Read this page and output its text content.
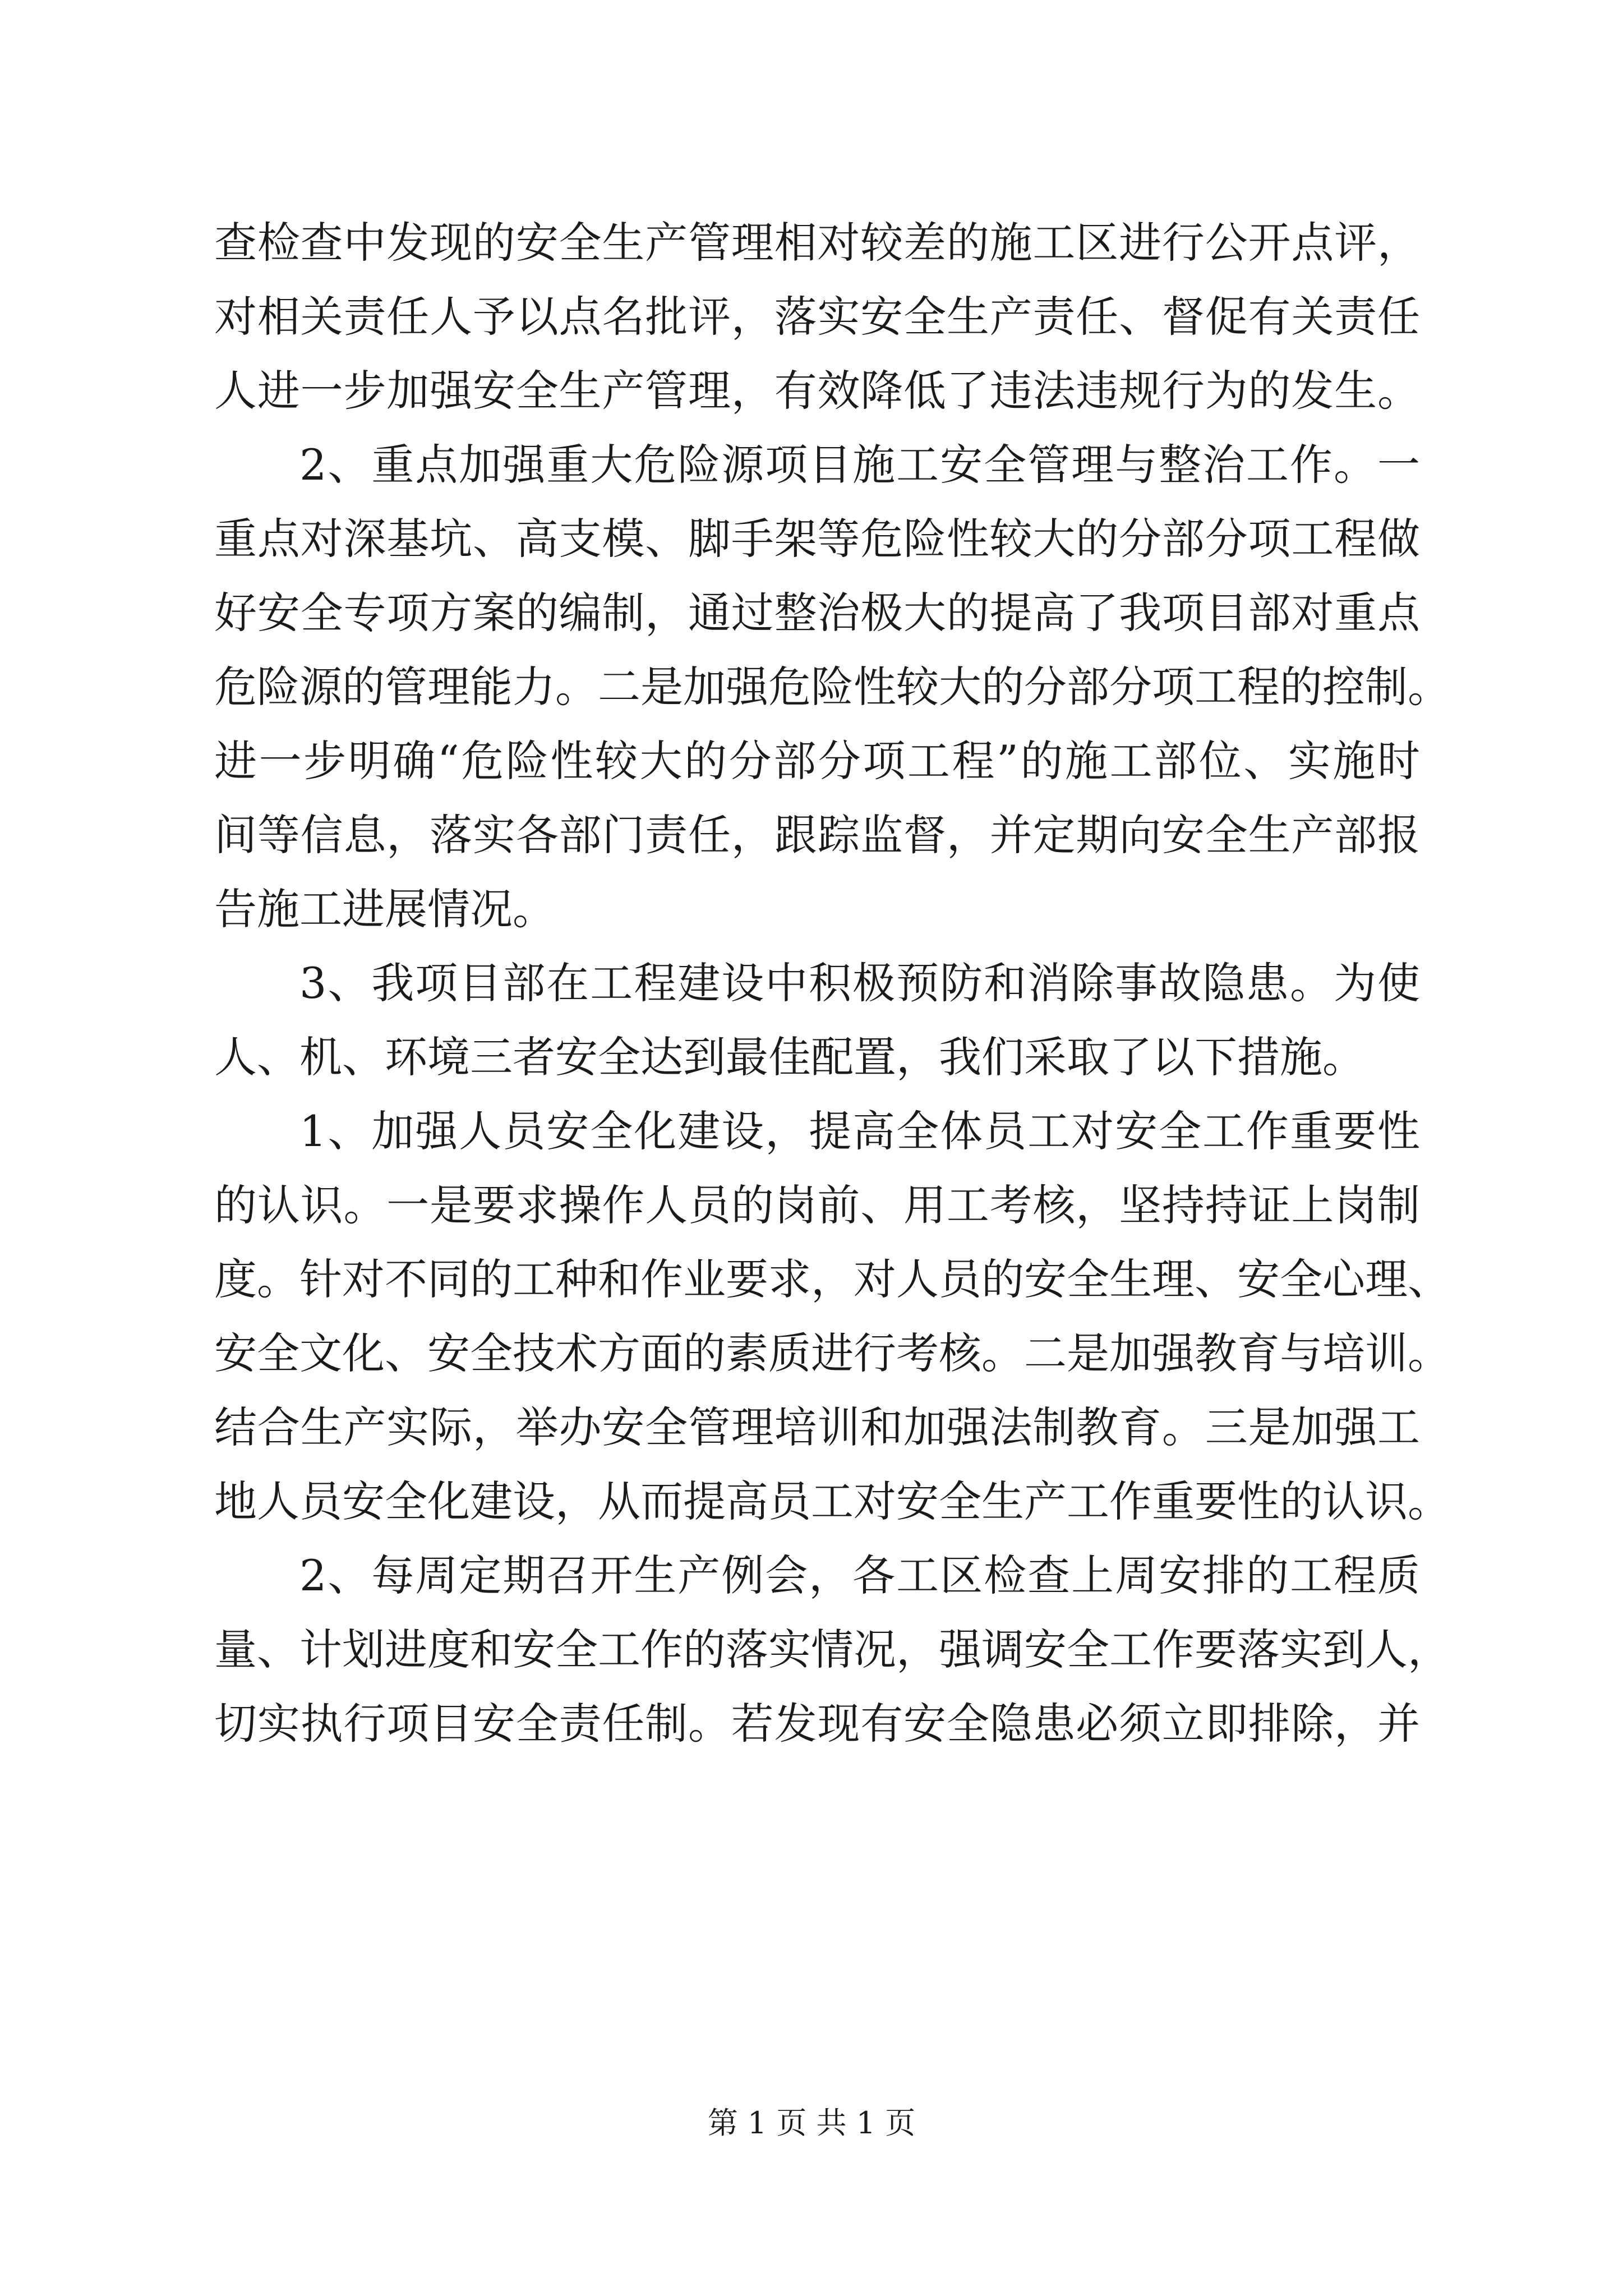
查检查中发现的安全生产管理相对较差的施工区进行公开点评，
对相关责任人予以点名批评，落实安全生产责任、督促有关责任
人进一步加强安全生产管理，有效降低了违法违规行为的发生。
2、重点加强重大危险源项目施工安全管理与整治工作。一
重点对深基坑、高支模、脚手架等危险性较大的分部分项工程做
好安全专项方案的编制，通过整治极大的提高了我项目部对重点
危险源的管理能力。二是加强危险性较大的分部分项工程的控制。
进一步明确“危险性较大的分部分项工程”的施工部位、实施时
间等信息，落实各部门责任，跟踪监督，并定期向安全生产部报
告施工进展情况。
3、我项目部在工程建设中积极预防和消除事故隐患。为使
人、机、环境三者安全达到最佳配置，我们采取了以下措施。
1、加强人员安全化建设，提高全体员工对安全工作重要性
的认识。一是要求操作人员的岗前、用工考核，坚持持证上岗制
度。针对不同的工种和作业要求，对人员的安全生理、安全心理、
安全文化、安全技术方面的素质进行考核。二是加强教育与培训。
结合生产实际，举办安全管理培训和加强法制教育。三是加强工
地人员安全化建设，从而提高员工对安全生产工作重要性的认识。
2、每周定期召开生产例会，各工区检查上周安排的工程质
量、计划进度和安全工作的落实情况，强调安全工作要落实到人，
切实执行项目安全责任制。若发现有安全隐患必须立即排除，并
第 1 页 共 1 页
